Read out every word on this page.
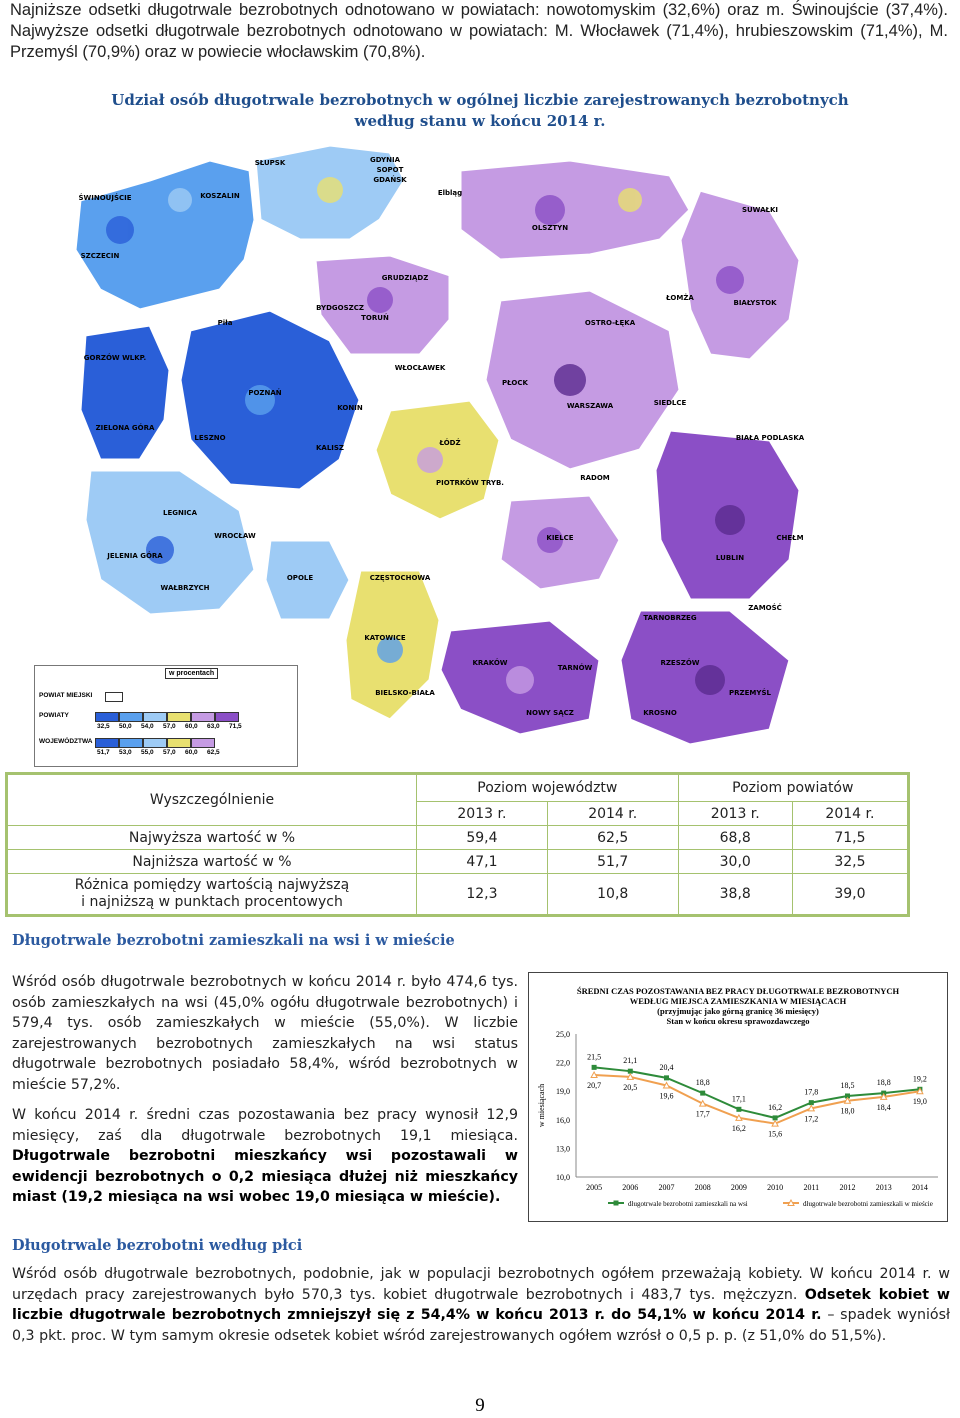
Najniższe odsetki długotrwale bezrobotnych odnotowano w powiatach: nowotomyskim (32,6%) oraz m. Świnoujście (37,4%). Najwyższe odsetki długotrwale bezrobotnych odnotowano w powiatach: M. Włocławek (71,4%), hrubieszowskim (71,4%), M. Przemyśl (70,9%) oraz w powiecie włocławskim (70,8%).
Udział osób długotrwale bezrobotnych w ogólnej liczbie zarejestrowanych bezrobotnych
według stanu w końcu 2014 r.
SZCZECIN
ŚWINOUJŚCIE	KOSZALIN
SŁUPSK	GDYNIA
SOPOT
GDAŃSK
Elbląg
OLSZTYN
SUWAŁKI
BIAŁYSTOK
ŁOMŻA
OSTRO-ŁĘKA
GORZÓW WLKP.
Piła
BYDGOSZCZ
TORUŃ
GRUDZIĄDZ
WŁOCŁAWEK
PŁOCK
WARSZAWA	SIEDLCE
POZNAŃ
KONIN
ZIELONA GÓRA
LESZNO
KALISZ
ŁÓDŹ
PIOTRKÓW TRYB.
RADOM
BIAŁA PODLASKA
LUBLIN
CHEŁM
ZAMOŚĆ
LEGNICA
WROCŁAW
JELENIA GÓRA
WAŁBRZYCH
OPOLE	CZĘSTOCHOWA
KIELCE
KATOWICE
KRAKÓW
TARNÓW
BIELSKO-BIAŁA
NOWY SĄCZ
TARNOBRZEG
RZESZÓW
KROSNO
PRZEMYŚL
w procentach
POWIAT MIEJSKI
POWIATY
32,5	50,0	54,0	57,0	60,0	63,0	71,5
WOJEWÓDZTWA
51,7	53,0	55,0	57,0	60,0	62,5
Wyszczególnienie	Poziom województw		Poziom powiatów	
	2013 r.	2014 r.	2013 r.	2014 r.
Najwyższa wartość w %	59,4	62,5	68,8	71,5
Najniższa wartość w %	47,1	51,7	30,0	32,5

Różnica pomiędzy wartością najwyższą
i najniższą w punktach procentowych	12,3	10,8	38,8	39,0
Długotrwale bezrobotni zamieszkali na wsi i w mieście

Wśród osób długotrwale bezrobotnych w końcu 2014 r. było 474,6 tys. osób zamieszkałych na wsi (45,0% ogółu długotrwale bezrobotnych) i 579,4 tys. osób zamieszkałych w mieście (55,0%). W liczbie zarejestrowanych bezrobotnych zamieszkałych na wsi status długotrwale bezrobotnych posiadało 58,4%, wśród bezrobotnych w mieście 57,2%.

W końcu 2014 r. średni czas pozostawania bez pracy wynosił 12,9 miesięcy, zaś dla długotrwale bezrobotnych 19,1 miesiąca. Długotrwale bezrobotni mieszkańcy wsi pozostawali w ewidencji bezrobotnych o 0,2 miesiąca dłużej niż mieszkańcy miast (19,2 miesiąca na wsi wobec 19,0 miesiąca w mieście).

ŚREDNI CZAS POZOSTAWANIA BEZ PRACY DŁUGOTRWALE BEZROBOTNYCH
WEDŁUG MIEJSCA ZAMIESZKANIA W MIESIĄCACH
(przyjmując jako górną granicę 36 miesięcy)
Stan w końcu okresu sprawozdawczego
10,0
13,0
16,0
19,0
22,0
25,0
2005	2006	2007	2008	2009	2010	2011	2012	2013	2014
w miesiącach
21,5	21,1
20,4
18,8
17,1
16,2
17,8
18,5	18,8	19,2
20,7	20,5
19,6
17,7
16,2
15,6
17,2
18,0	18,4
19,0
długotrwale bezrobotni zamieszkali na wsi	długotrwale bezrobotni zamieszkali w mieście
Długotrwale bezrobotni według płci
Wśród osób długotrwale bezrobotnych, podobnie, jak w populacji bezrobotnych ogółem przeważają kobiety. W końcu 2014 r. w urzędach pracy zarejestrowanych było 570,3 tys. kobiet długotrwale bezrobotnych i 483,7 tys. mężczyzn. Odsetek kobiet w liczbie długotrwale bezrobotnych zmniejszył się z 54,4% w końcu 2013 r. do 54,1% w końcu 2014 r. – spadek wyniósł 0,3 pkt. proc. W tym samym okresie odsetek kobiet wśród zarejestrowanych ogółem wzrósł o 0,5 p. p. (z 51,0% do 51,5%).
9
